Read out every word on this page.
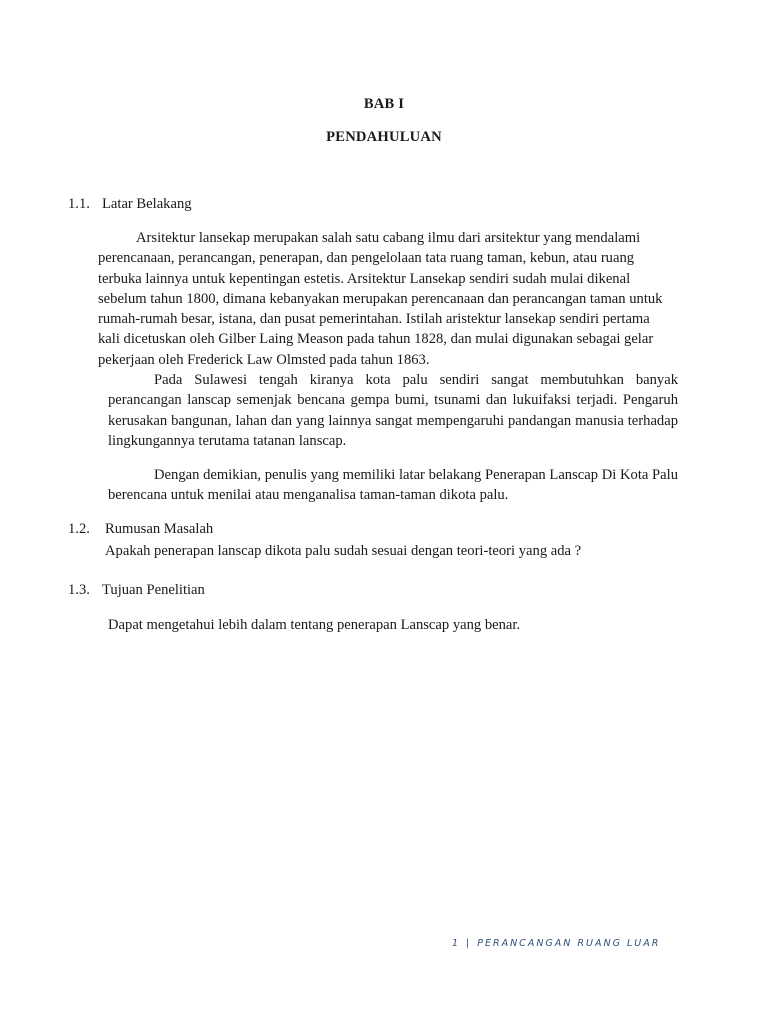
BAB I
PENDAHULUAN
1.1. Latar Belakang

Arsitektur lansekap merupakan salah satu cabang ilmu dari arsitektur yang mendalami perencanaan, perancangan, penerapan, dan pengelolaan tata ruang taman, kebun, atau ruang terbuka lainnya untuk kepentingan estetis. Arsitektur Lansekap sendiri sudah mulai dikenal sebelum tahun 1800, dimana kebanyakan merupakan perencanaan dan perancangan taman untuk rumah-rumah besar, istana, dan pusat pemerintahan. Istilah aristektur lansekap sendiri pertama kali dicetuskan oleh Gilber Laing Meason pada tahun 1828, dan mulai digunakan sebagai gelar pekerjaan oleh Frederick Law Olmsted pada tahun 1863.

Pada Sulawesi tengah kiranya kota palu sendiri sangat membutuhkan banyak perancangan lanscap semenjak bencana gempa bumi, tsunami dan lukuifaksi terjadi. Pengaruh kerusakan bangunan, lahan dan yang lainnya sangat mempengaruhi pandangan manusia terhadap lingkungannya terutama tatanan lanscap.

Dengan demikian, penulis yang memiliki latar belakang Penerapan Lanscap Di Kota Palu berencana untuk menilai atau menganalisa taman-taman dikota palu.

1.2. Rumusan Masalah

Apakah penerapan lanscap dikota palu sudah sesuai dengan teori-teori yang ada ?

1.3. Tujuan Penelitian

Dapat mengetahui lebih dalam tentang penerapan Lanscap yang benar.

1 | PERANCANGAN RUANG LUAR
